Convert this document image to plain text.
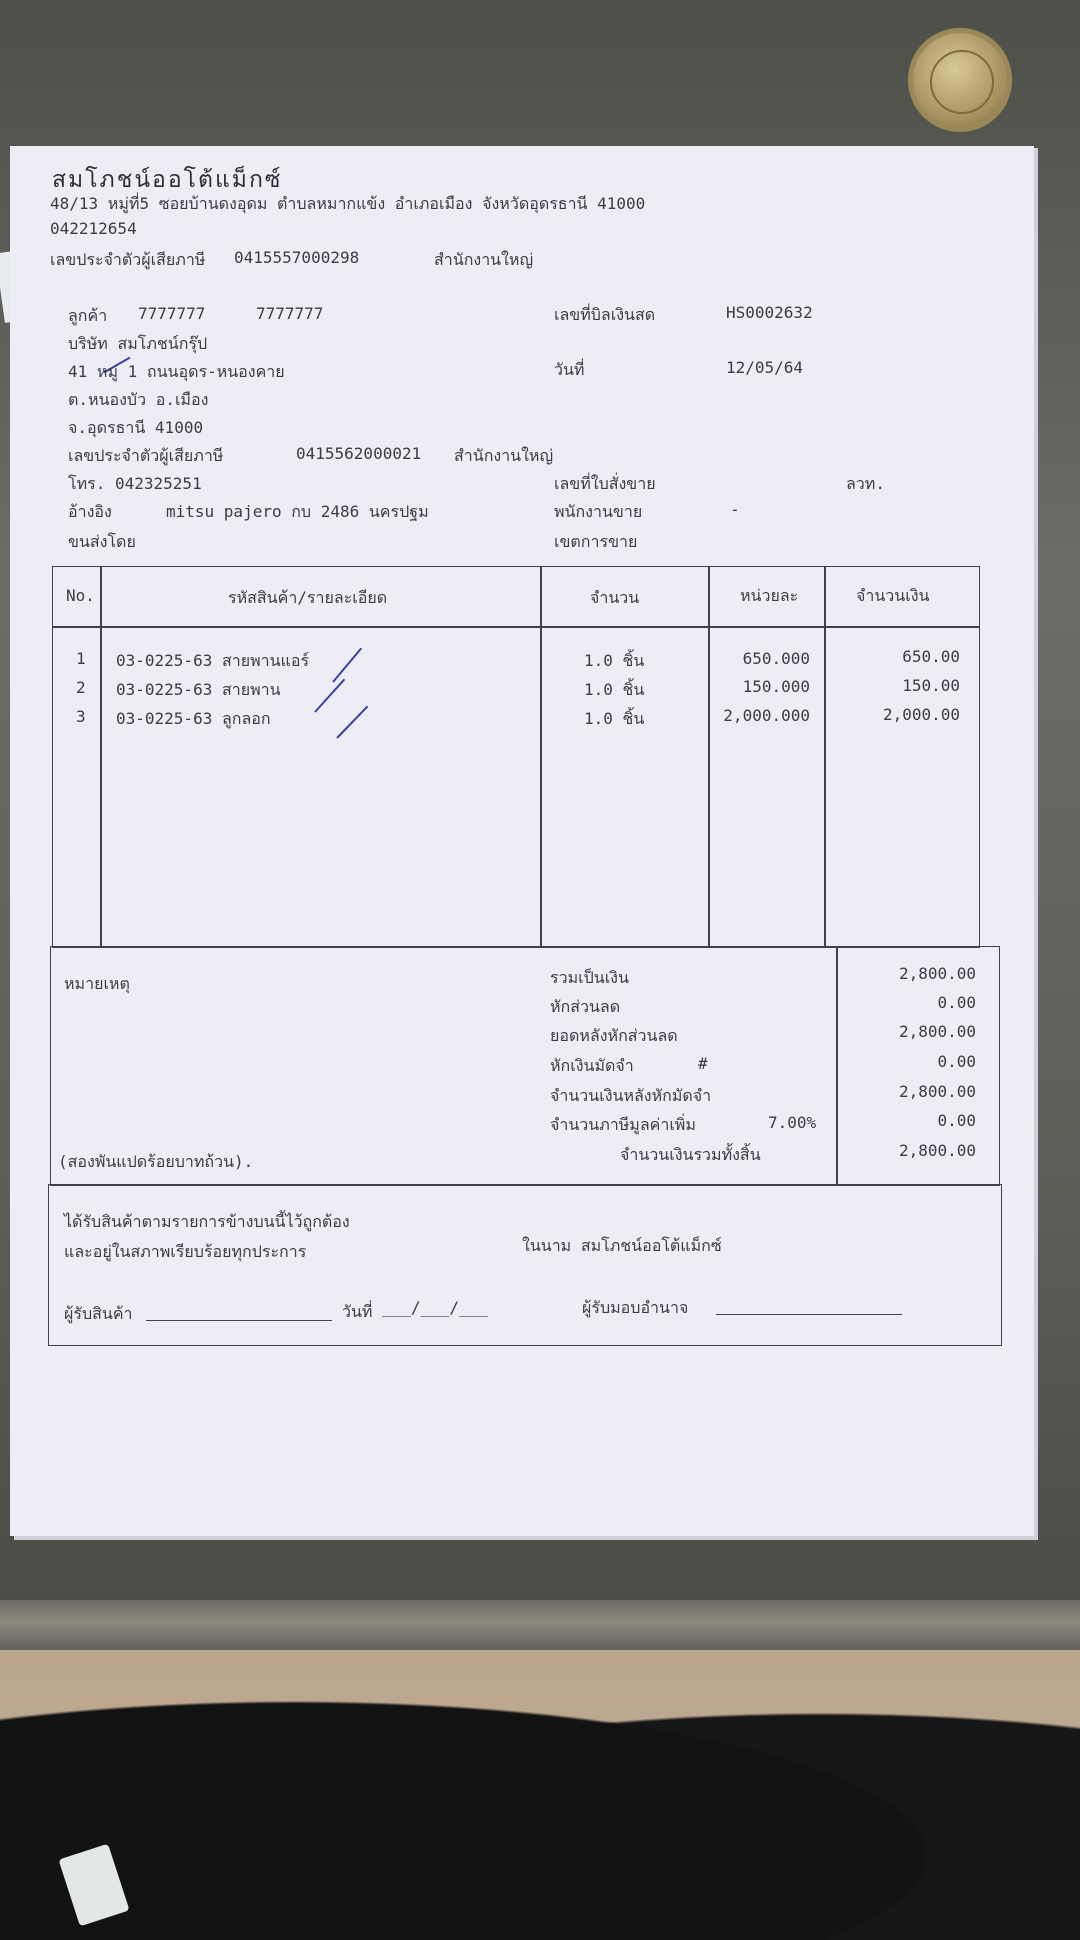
สมโภชน์ออโต้แม็กซ์
48/13 หมู่ที่5 ซอยบ้านดงอุดม ตำบลหมากแข้ง อำเภอเมือง จังหวัดอุดรธานี 41000
042212654
เลขประจำตัวผู้เสียภาษี 0415557000298	สำนักงานใหญ่
ลูกค้า 7777777	7777777
บริษัท สมโภชน์กรุ๊ป
41 หมู่ 1 ถนนอุดร-หนองคาย
ต.หนองบัว อ.เมือง
จ.อุดรธานี 41000
เลขประจำตัวผู้เสียภาษี	0415562000021 สำนักงานใหญ่
โทร. 042325251
อ้างอิง	mitsu pajero กบ 2486 นครปฐม
ขนส่งโดย
เลขที่บิลเงินสด	HS0002632
วันที่	12/05/64
เลขที่ใบสั่งขาย	ลวท.
พนักงานขาย	-
เขตการขาย
No.	รหัสสินค้า/รายละเอียด	จำนวน	หน่วยละ	จำนวนเงิน
1 03-0225-63 สายพานแอร์	1.0 ชิ้น	650.000	650.00
2 03-0225-63 สายพาน	1.0 ชิ้น	150.000	150.00
3 03-0225-63 ลูกลอก	1.0 ชิ้น	2,000.000	2,000.00
หมายเหตุ
(สองพันแปดร้อยบาทถ้วน).
รวมเป็นเงิน	2,800.00
หักส่วนลด	0.00
ยอดหลังหักส่วนลด	2,800.00
หักเงินมัดจำ	#	0.00
จำนวนเงินหลังหักมัดจำ	2,800.00
จำนวนภาษีมูลค่าเพิ่ม	7.00%	0.00
จำนวนเงินรวมทั้งสิ้น	2,800.00
ได้รับสินค้าตามรายการข้างบนนี้ไว้ถูกต้อง
และอยู่ในสภาพเรียบร้อยทุกประการ	ในนาม สมโภชน์ออโต้แม็กซ์
ผู้รับสินค้า	วันที่ ___/___/___	ผู้รับมอบอำนาจ
